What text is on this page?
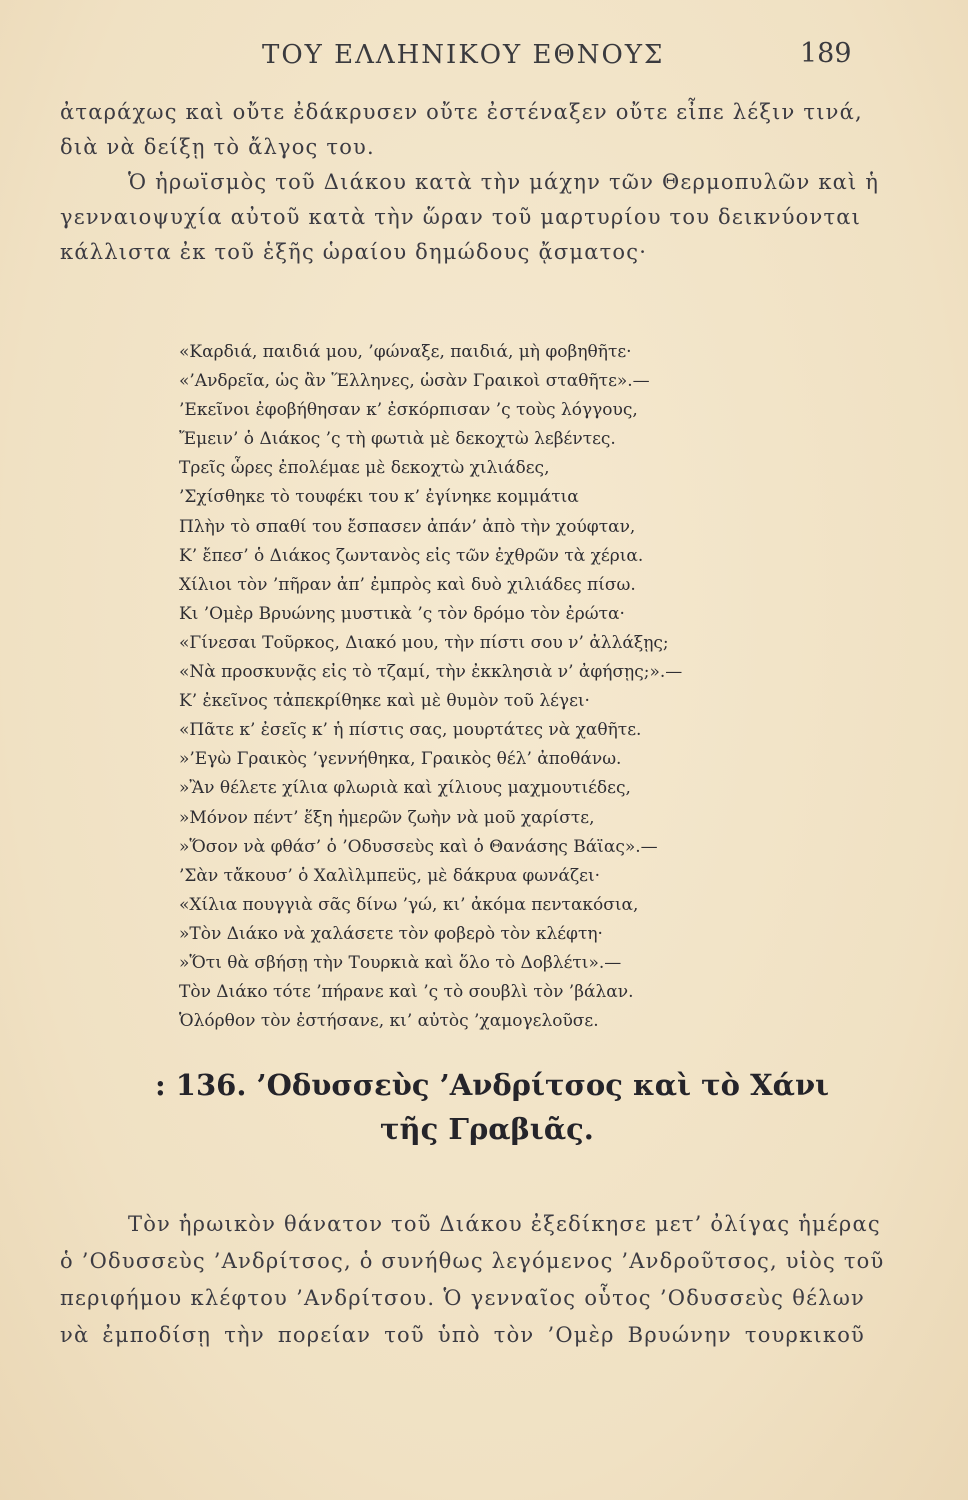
ΤΟΥ ΕΛΛΗΝΙΚΟΥ ΕΘΝΟΥΣ	189
ἀταράχως καὶ οὔτε ἐδάκρυσεν οὔτε ἐστέναξεν οὔτε εἶπε λέξιν τινά,
διὰ νὰ δείξῃ τὸ ἄλγος του.
Ὁ ἡρωϊσμὸς τοῦ Διάκου κατὰ τὴν μάχην τῶν Θερμοπυλῶν καὶ ἡ
γενναιοψυχία αὐτοῦ κατὰ τὴν ὥραν τοῦ μαρτυρίου του δεικνύονται
κάλλιστα ἐκ τοῦ ἑξῆς ὡραίου δημώδους ᾄσματος·
«Καρδιά, παιδιά μου, ’φώναξε, παιδιά, μὴ φοβηθῆτε·
«’Ανδρεῖα, ὡς ἂν Ἕλληνες, ὡσὰν Γραικοὶ σταθῆτε».—
’Εκεῖνοι ἐφοβήθησαν κ’ ἐσκόρπισαν ’ς τοὺς λόγγους,
Ἔμειν’ ὁ Διάκος ’ς τὴ φωτιὰ μὲ δεκοχτὼ λεβέντες.
Τρεῖς ὧρες ἐπολέμαε μὲ δεκοχτὼ χιλιάδες,
’Σχίσθηκε τὸ τουφέκι του κ’ ἐγίνηκε κομμάτια
Πλὴν τὸ σπαθί του ἔσπασεν ἀπάν’ ἀπὸ τὴν χούφταν,
Κ’ ἔπεσ’ ὁ Διάκος ζωντανὸς εἰς τῶν ἐχθρῶν τὰ χέρια.
Χίλιοι τὸν ’πῆραν ἀπ’ ἐμπρὸς καὶ δυὸ χιλιάδες πίσω.
Κι ’Ομὲρ Βρυώνης μυστικὰ ’ς τὸν δρόμο τὸν ἐρώτα·
«Γίνεσαι Τοῦρκος, Διακό μου, τὴν πίστι σου ν’ ἀλλάξῃς;
«Νὰ προσκυνᾷς εἰς τὸ τζαμί, τὴν ἐκκλησιὰ ν’ ἀφήσῃς;».—
Κ’ ἐκεῖνος τἀπεκρίθηκε καὶ μὲ θυμὸν τοῦ λέγει·
«Πᾶτε κ’ ἐσεῖς κ’ ἡ πίστις σας, μουρτάτες νὰ χαθῆτε.
»’Εγὼ Γραικὸς ’γεννήθηκα, Γραικὸς θέλ’ ἀποθάνω.
»Ἂν θέλετε χίλια φλωριὰ καὶ χίλιους μαχμουτιέδες,
»Μόνον πέντ’ ἕξη ἡμερῶν ζωὴν νὰ μοῦ χαρίστε,
»Ὅσον νὰ φθάσ’ ὁ ’Οδυσσεὺς καὶ ὁ Θανάσης Βάϊας».—
’Σὰν τἄκουσ’ ὁ Χαλὶλμπεϋς, μὲ δάκρυα φωνάζει·
«Χίλια πουγγιὰ σᾶς δίνω ’γώ, κι’ ἀκόμα πεντακόσια,
»Τὸν Διάκο νὰ χαλάσετε τὸν φοβερὸ τὸν κλέφτη·
»Ὅτι θὰ σβήσῃ τὴν Τουρκιὰ καὶ ὅλο τὸ Δοβλέτι».—
Τὸν Διάκο τότε ’πήρανε καὶ ’ς τὸ σουβλὶ τὸν ’βάλαν.
Ὁλόρθον τὸν ἐστήσανε, κι’ αὐτὸς ’χαμογελοῦσε.
: 136. ’Οδυσσεὺς ’Ανδρίτσος καὶ τὸ Χάνι
τῆς Γραβιᾶς.
Τὸν ἡρωικὸν θάνατον τοῦ Διάκου ἐξεδίκησε μετ’ ὀλίγας ἡμέρας
ὁ ’Οδυσσεὺς ’Ανδρίτσος, ὁ συνήθως λεγόμενος ’Ανδροῦτσος, υἱὸς τοῦ
περιφήμου κλέφτου ’Ανδρίτσου. Ὁ γενναῖος οὗτος ’Οδυσσεὺς θέλων
νὰ ἐμποδίσῃ τὴν πορείαν τοῦ ὑπὸ τὸν ’Ομὲρ Βρυώνην τουρκικοῦ
